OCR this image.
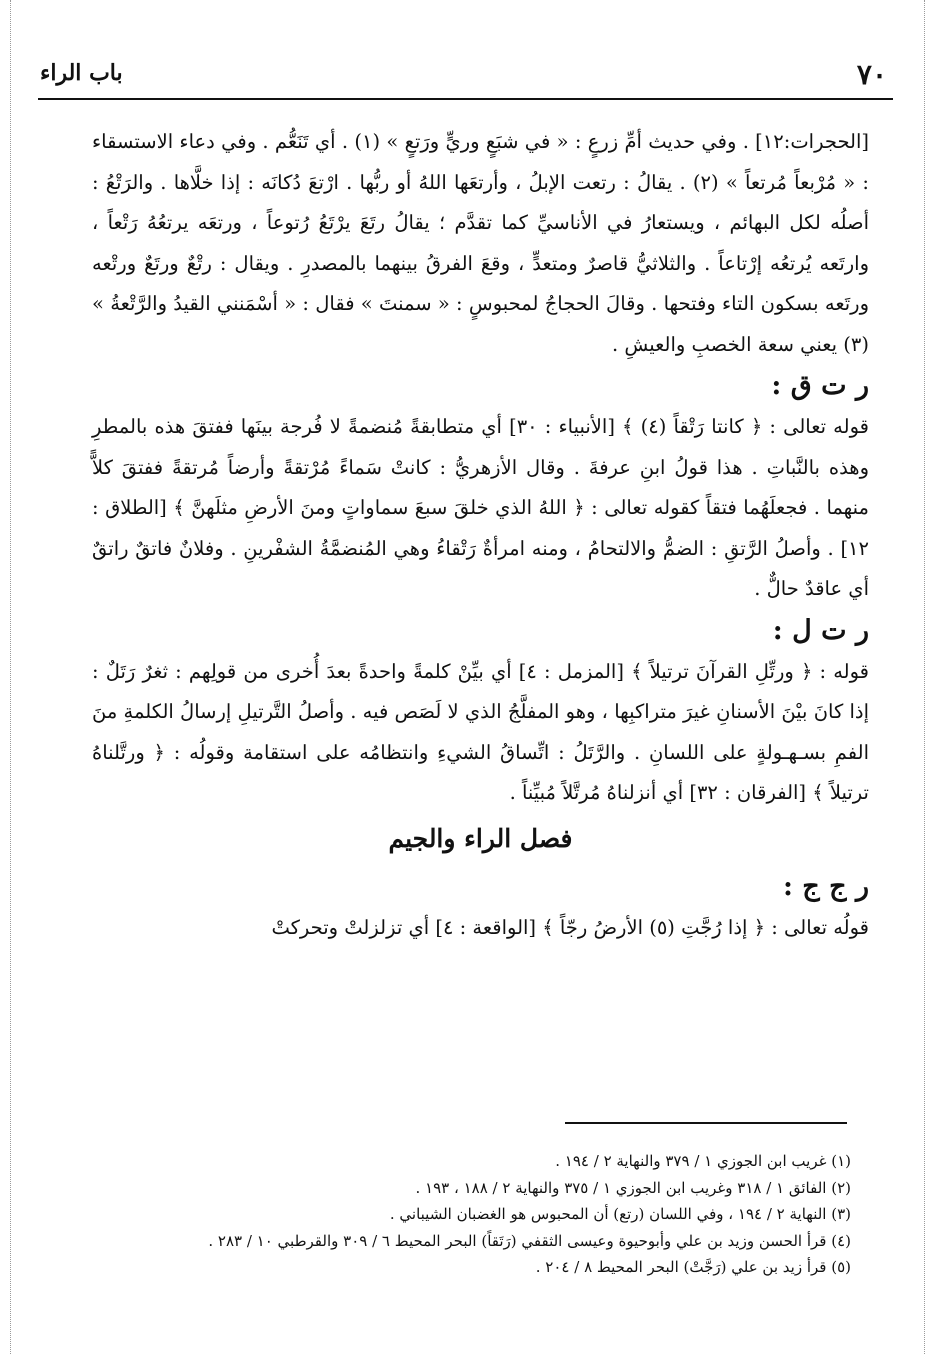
٧٠
باب الراء

[الحجرات:١٢] . وفي حديث أمِّ زرعٍ : « في شبَعٍ وريٍّ ورَتعٍ » (١) . أي تَنَعُّم . وفي دعاء الاستسقاء : « مُرْبعاً مُرتعاً » (٢) . يقالُ : رتعت الإبلُ ، وأرتعَها اللهُ أو ربُّها . ارْتعَ دُكانَه : إذا خلَّاها . والرَتْعُ : أصلُه لكل البهائم ، ويستعارُ في الأناسيِّ كما تقدَّم ؛ يقالُ رتَعَ يرْتَعُ رُتوعاً ، ورتعَه يرتعُهُ رَتْعاً ، وارتَعه يُرتعُه إرْتاعاً . والثلاثيُّ قاصرٌ ومتعدٍّ ، وقعَ الفرقُ بينهما بالمصدرِ . ويقال : رتْعٌ ورتَعٌ ورتْعه ورتَعه بسكون التاء وفتحها . وقالَ الحجاجُ لمحبوسٍ : « سمنتَ » فقال : « أسْمَنني القيدُ والرَّتْعةُ » (٣) يعني سعة الخصبِ والعيشِ .

ر ت ق :

قوله تعالى : ﴿ كانتا رَتْقاً (٤) ﴾ [الأنبياء : ٣٠] أي متطابقةً مُنضمةً لا فُرجة بينَها ففتقَ هذه بالمطرِ وهذه بالنَّباتِ . هذا قولُ ابنِ عرفةَ . وقال الأزهريُّ : كانتْ سَماءً مُرْتقةً وأرضاً مُرتقةً ففتقَ كلاًّ منهما . فجعلَهُما فتقاً كقوله تعالى : ﴿ اللهُ الذي خلقَ سبعَ سماواتٍ ومنَ الأرضِ مثلَهنَّ ﴾ [الطلاق : ١٢] . وأصلُ الرَّتقِ : الضمُّ والالتحامُ ، ومنه امرأةٌ رَتْقاءُ وهي المُنضمَّةُ الشفْرينِ . وفلانٌ فاتقٌ راتقٌ أي عاقدٌ حالٌّ .

ر ت ل :

قوله : ﴿ ورتِّلِ القرآنَ ترتيلاً ﴾ [المزمل : ٤] أي بيِّنْ كلمةً واحدةً بعدَ أُخرى من قولِهم : ثغرٌ رَتَلٌ : إذا كانَ بيْنَ الأسنانِ غيرَ متراكبِها ، وهو المفلَّجُ الذي لا لَصَص فيه . وأصلُ التَّرتيلِ إرسالُ الكلمةِ منَ الفمِ بسـهـولةٍ على اللسانِ . والرَّتَلُ : اتِّساقُ الشيءِ وانتظامُه على استقامة وقولُه : ﴿ ورتَّلناهُ ترتيلاً ﴾ [الفرقان : ٣٢] أي أنزلناهُ مُرتَّلاً مُبيِّناً .

فصل الراء والجيم
ر ج ج :

قولُه تعالى : ﴿ إذا رُجَّتِ (٥) الأرضُ رجّاً ﴾ [الواقعة : ٤] أي تزلزلتْ وتحركتْ

(١) غريب ابن الجوزي ١ / ٣٧٩ والنهاية ٢ / ١٩٤ .

(٢) الفائق ١ / ٣١٨ وغريب ابن الجوزي ١ / ٣٧٥ والنهاية ٢ / ١٨٨ ، ١٩٣ .

(٣) النهاية ٢ / ١٩٤ ، وفي اللسان (رتع) أن المحبوس هو الغضبان الشيباني .

(٤) قرأ الحسن وزيد بن علي وأبوحيوة وعيسى الثقفي (رَتَقاً) البحر المحيط ٦ / ٣٠٩ والقرطبي ١٠ / ٢٨٣ .

(٥) قرأ زيد بن علي (رَجَّتْ) البحر المحيط ٨ / ٢٠٤ .
